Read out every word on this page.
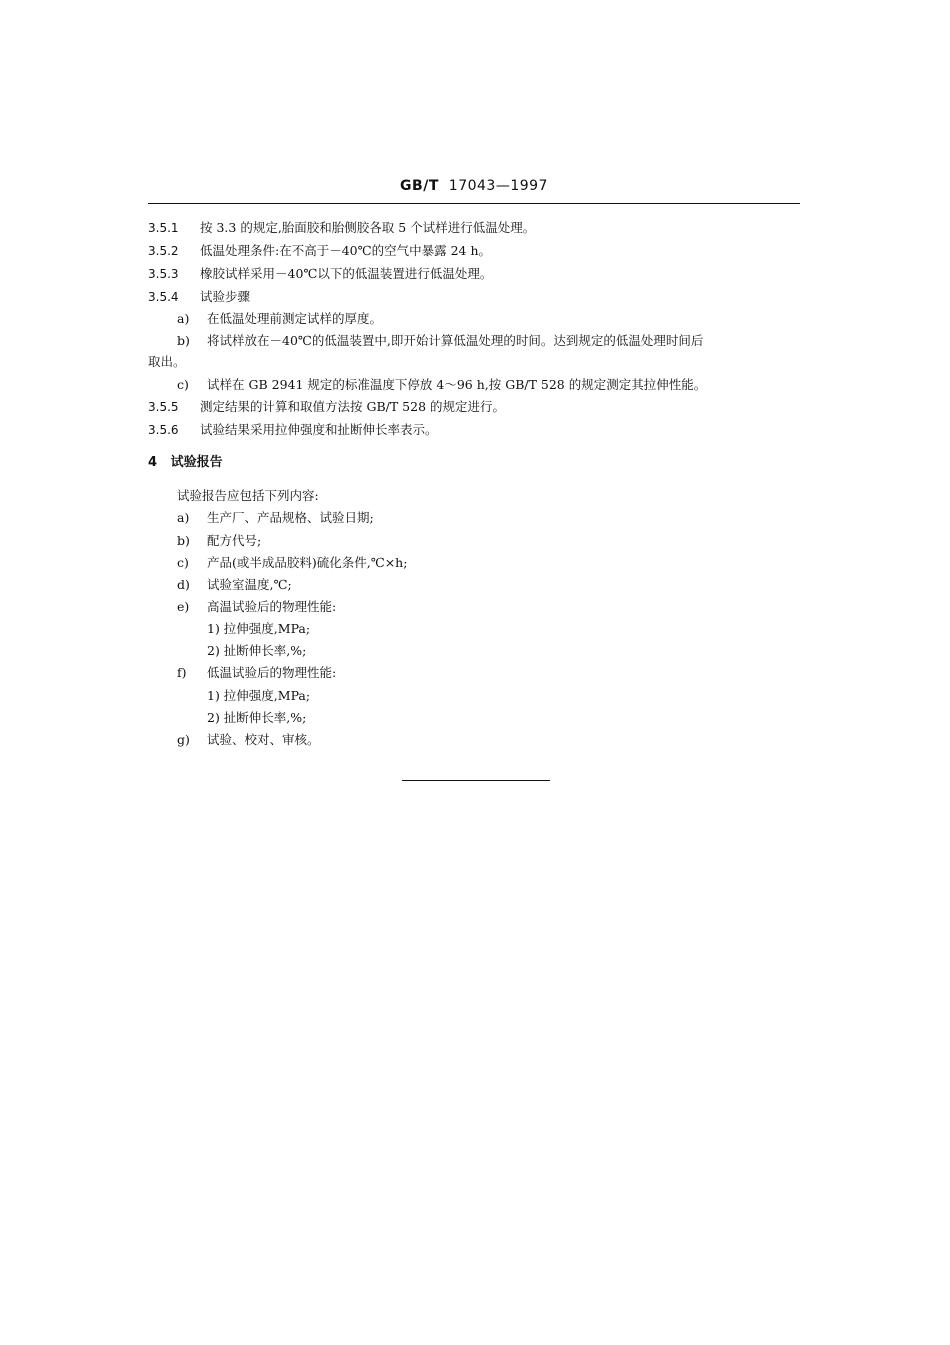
GB/T 17043—1997
3.5.1 按 3.3 的规定,胎面胶和胎侧胶各取 5 个试样进行低温处理。
3.5.2 低温处理条件:在不高于－40℃的空气中暴露 24 h。
3.5.3 橡胶试样采用－40℃以下的低温装置进行低温处理。
3.5.4 试验步骤
a) 在低温处理前测定试样的厚度。
b) 将试样放在－40℃的低温装置中,即开始计算低温处理的时间。达到规定的低温处理时间后
取出。
c) 试样在 GB 2941 规定的标准温度下停放 4～96 h,按 GB/T 528 的规定测定其拉伸性能。
3.5.5 测定结果的计算和取值方法按 GB/T 528 的规定进行。
3.5.6 试验结果采用拉伸强度和扯断伸长率表示。
4 试验报告
试验报告应包括下列内容:
a) 生产厂、产品规格、试验日期;
b) 配方代号;
c) 产品(或半成品胶料)硫化条件,℃×h;
d) 试验室温度,℃;
e) 高温试验后的物理性能:
1) 拉伸强度,MPa;
2) 扯断伸长率,%;
f) 低温试验后的物理性能:
1) 拉伸强度,MPa;
2) 扯断伸长率,%;
g) 试验、校对、审核。
